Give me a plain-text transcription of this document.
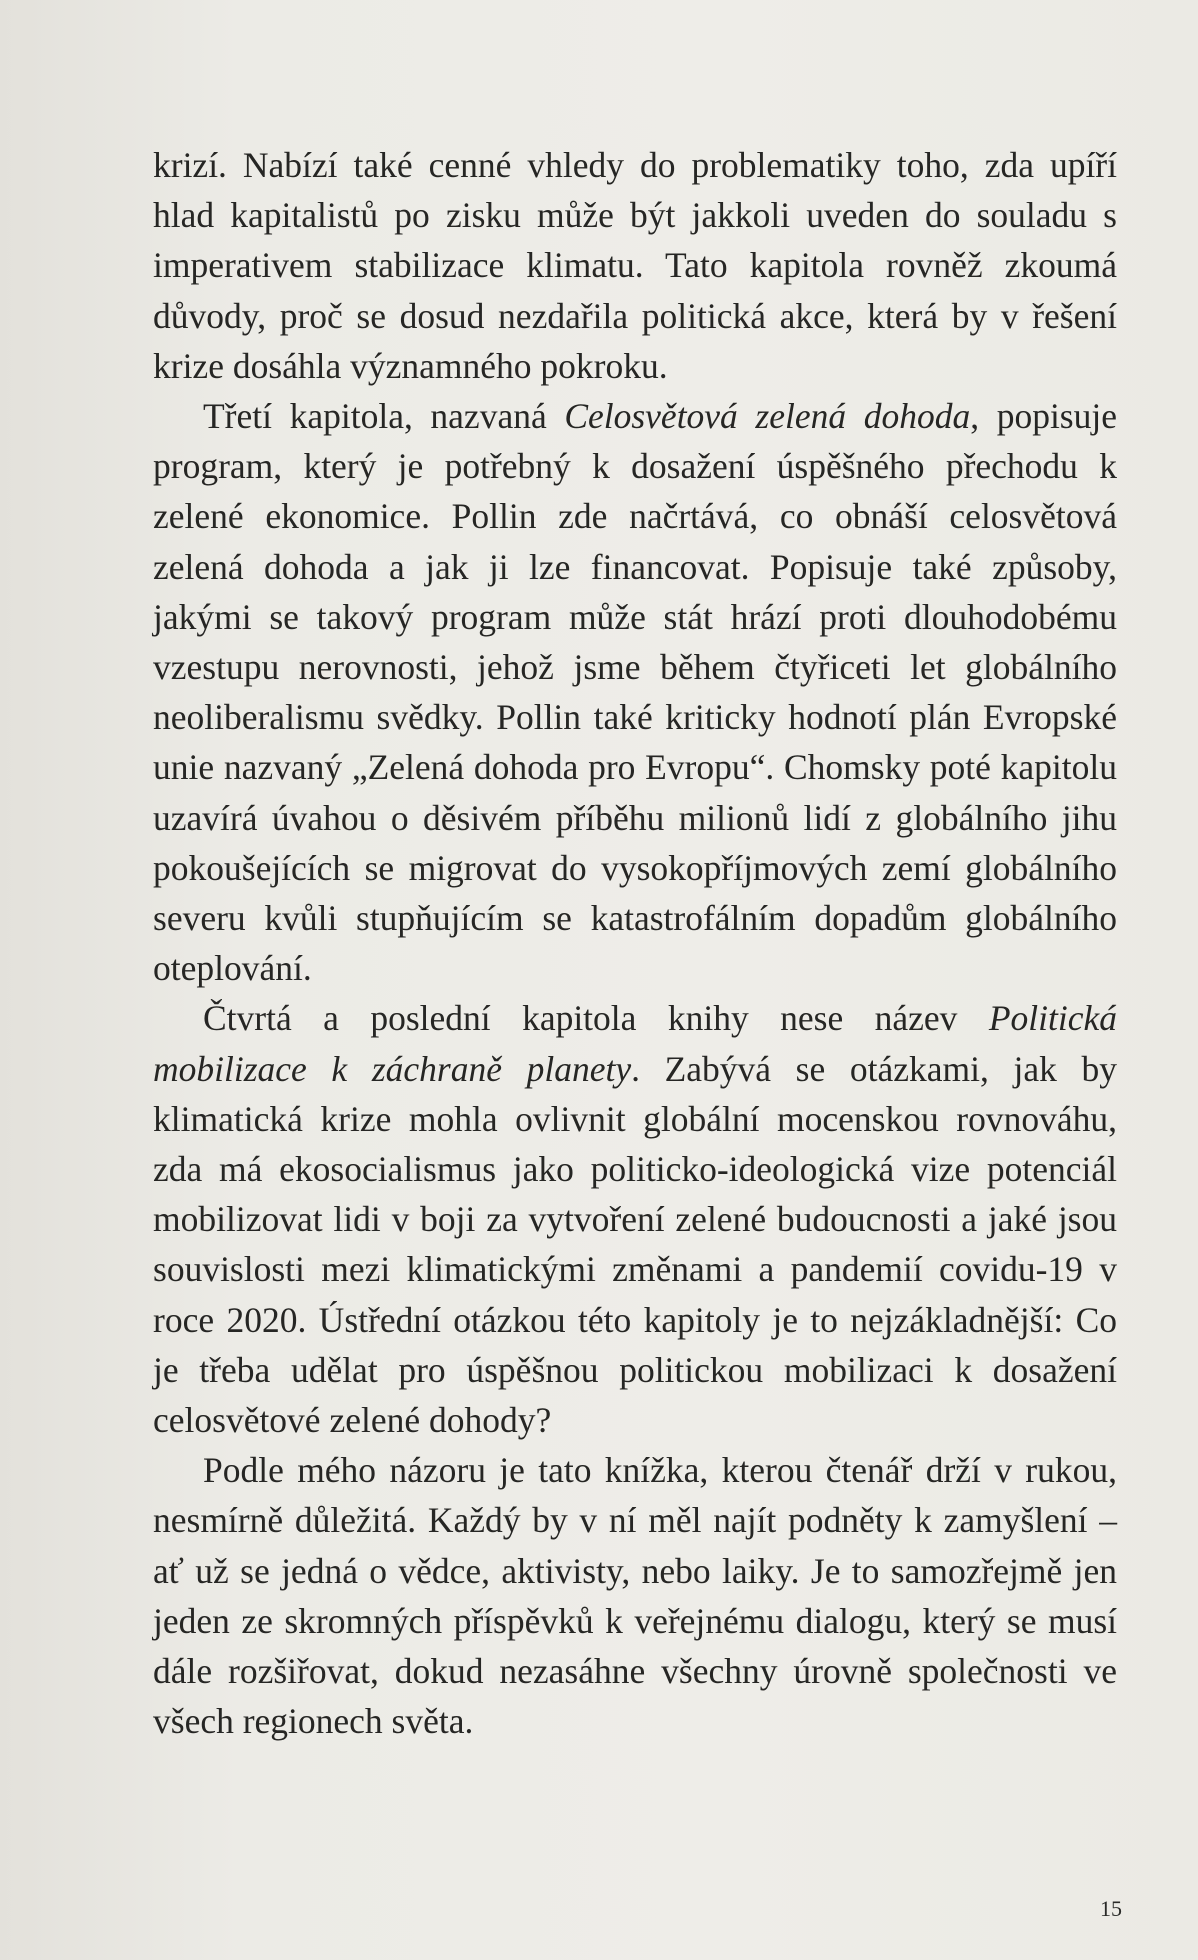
krizí. Nabízí také cenné vhledy do problematiky toho, zda upíří hlad kapitalistů po zisku může být jakkoli uveden do souladu s imperativem stabilizace klimatu. Tato kapitola rovněž zkoumá důvody, proč se dosud nezdařila politická akce, která by v řešení krize dosáhla významného pokroku.

Třetí kapitola, nazvaná Celosvětová zelená dohoda, popisuje program, který je potřebný k dosažení úspěšného přechodu k zelené ekonomice. Pollin zde načrtává, co obnáší celosvětová zelená dohoda a jak ji lze financovat. Popisuje také způsoby, jakými se takový program může stát hrází proti dlouhodobému vzestupu nerovnosti, jehož jsme během čtyřiceti let globálního neoliberalismu svědky. Pollin také kriticky hodnotí plán Evropské unie nazvaný „Zelená dohoda pro Evropu“. Chomsky poté kapitolu uzavírá úvahou o děsivém příběhu milionů lidí z globálního jihu pokoušejících se migrovat do vysokopříjmových zemí globálního severu kvůli stupňujícím se katastrofálním dopadům globálního oteplování.

Čtvrtá a poslední kapitola knihy nese název Politická mobilizace k záchraně planety. Zabývá se otázkami, jak by klimatická krize mohla ovlivnit globální mocenskou rovnováhu, zda má ekosocialismus jako politicko-ideologická vize potenciál mobilizovat lidi v boji za vytvoření zelené budoucnosti a jaké jsou souvislosti mezi klimatickými změnami a pandemií covidu-19 v roce 2020. Ústřední otázkou této kapitoly je to nejzákladnější: Co je třeba udělat pro úspěšnou politickou mobilizaci k dosažení celosvětové zelené dohody?

Podle mého názoru je tato knížka, kterou čtenář drží v rukou, nesmírně důležitá. Každý by v ní měl najít podněty k zamyšlení – ať už se jedná o vědce, aktivisty, nebo laiky. Je to samozřejmě jen jeden ze skromných příspěvků k veřejnému dialogu, který se musí dále rozšiřovat, dokud nezasáhne všechny úrovně společnosti ve všech regionech světa.

15
